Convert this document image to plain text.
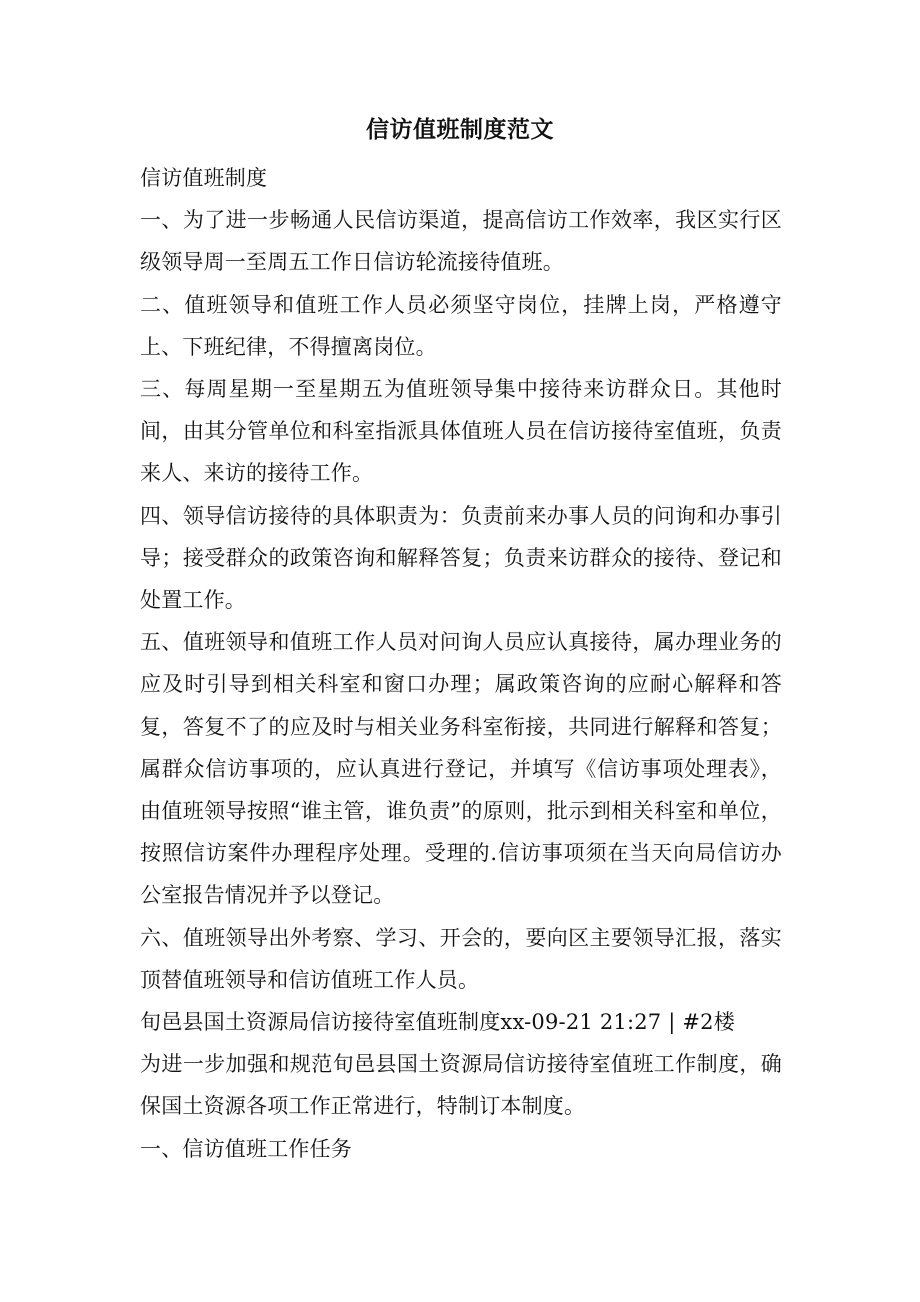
信访值班制度范文

信访值班制度

一、为了进一步畅通人民信访渠道，提高信访工作效率，我区实行区级领导周一至周五工作日信访轮流接待值班。

二、值班领导和值班工作人员必须坚守岗位，挂牌上岗，严格遵守上、下班纪律，不得擅离岗位。

三、每周星期一至星期五为值班领导集中接待来访群众日。其他时间，由其分管单位和科室指派具体值班人员在信访接待室值班，负责来人、来访的接待工作。

四、领导信访接待的具体职责为：负责前来办事人员的问询和办事引导；接受群众的政策咨询和解释答复；负责来访群众的接待、登记和处置工作。

五、值班领导和值班工作人员对问询人员应认真接待，属办理业务的应及时引导到相关科室和窗口办理；属政策咨询的应耐心解释和答复，答复不了的应及时与相关业务科室衔接，共同进行解释和答复；属群众信访事项的，应认真进行登记，并填写《信访事项处理表》，由值班领导按照“谁主管，谁负责”的原则，批示到相关科室和单位，按照信访案件办理程序处理。受理的.信访事项须在当天向局信访办公室报告情况并予以登记。

六、值班领导出外考察、学习、开会的，要向区主要领导汇报，落实顶替值班领导和信访值班工作人员。

旬邑县国土资源局信访接待室值班制度xx-09-21 21:27 | #2楼

为进一步加强和规范旬邑县国土资源局信访接待室值班工作制度，确保国土资源各项工作正常进行，特制订本制度。

一、信访值班工作任务
